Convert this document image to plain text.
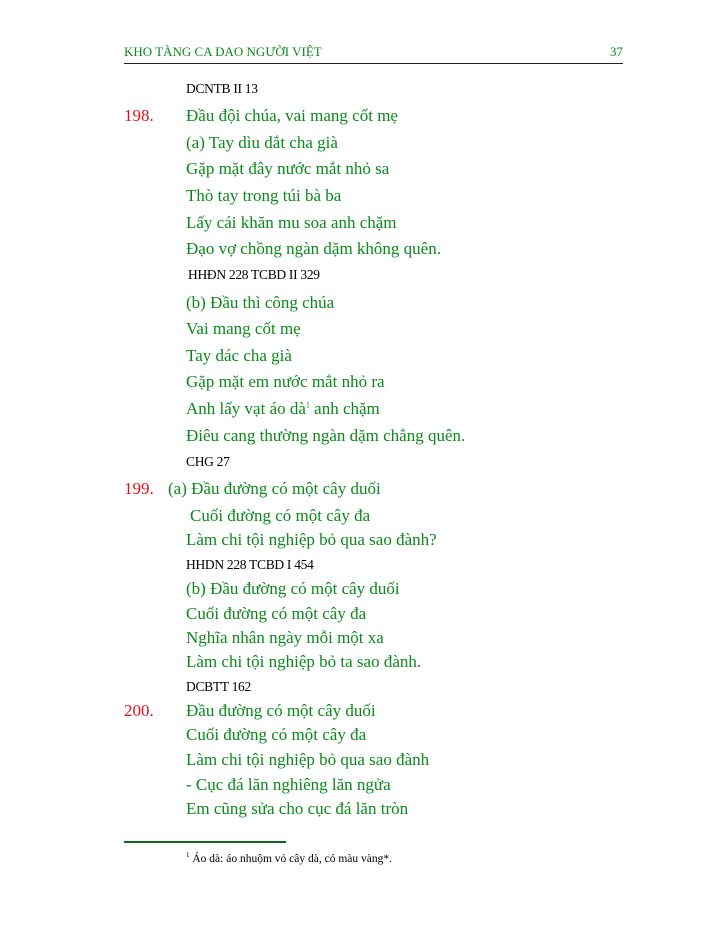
KHO TÀNG CA DAO NGƯỜI VIỆT	37
DCNTB II 13
198. Đầu đội chúa, vai mang cốt mẹ
(a) Tay dìu dắt cha già
Gặp mặt đây nước mắt nhỏ sa
Thò tay trong túi bà ba
Lấy cái khăn mu soa anh chặm
Đạo vợ chồng ngàn dặm không quên.
HHĐN 228 TCBD II 329
(b) Đầu thì công chúa
Vai mang cốt mẹ
Tay dác cha già
Gặp mặt em nước mắt nhỏ ra
Anh lấy vạt áo dà$^1$ anh chặm
Điêu cang thường ngàn dặm chẳng quên.
CHG 27
199. (a) Đầu đường có một cây duối
Cuối đường có một cây đa
Làm chi tội nghiệp bỏ qua sao đành?
HHDN 228 TCBD I 454
(b) Đầu đường có một cây duối
Cuối đường có một cây đa
Nghĩa nhân ngày mỗi một xa
Làm chi tội nghiệp bỏ ta sao đành.
DCBTT 162
200. Đầu đường có một cây duối
Cuối đường có một cây đa
Làm chi tội nghiệp bỏ qua sao đành
- Cục đá lăn nghiêng lăn ngửa
Em cũng sửa cho cục đá lăn tròn
$^1$ Áo dà: áo nhuộm vỏ cây dà, có màu vàng*.
